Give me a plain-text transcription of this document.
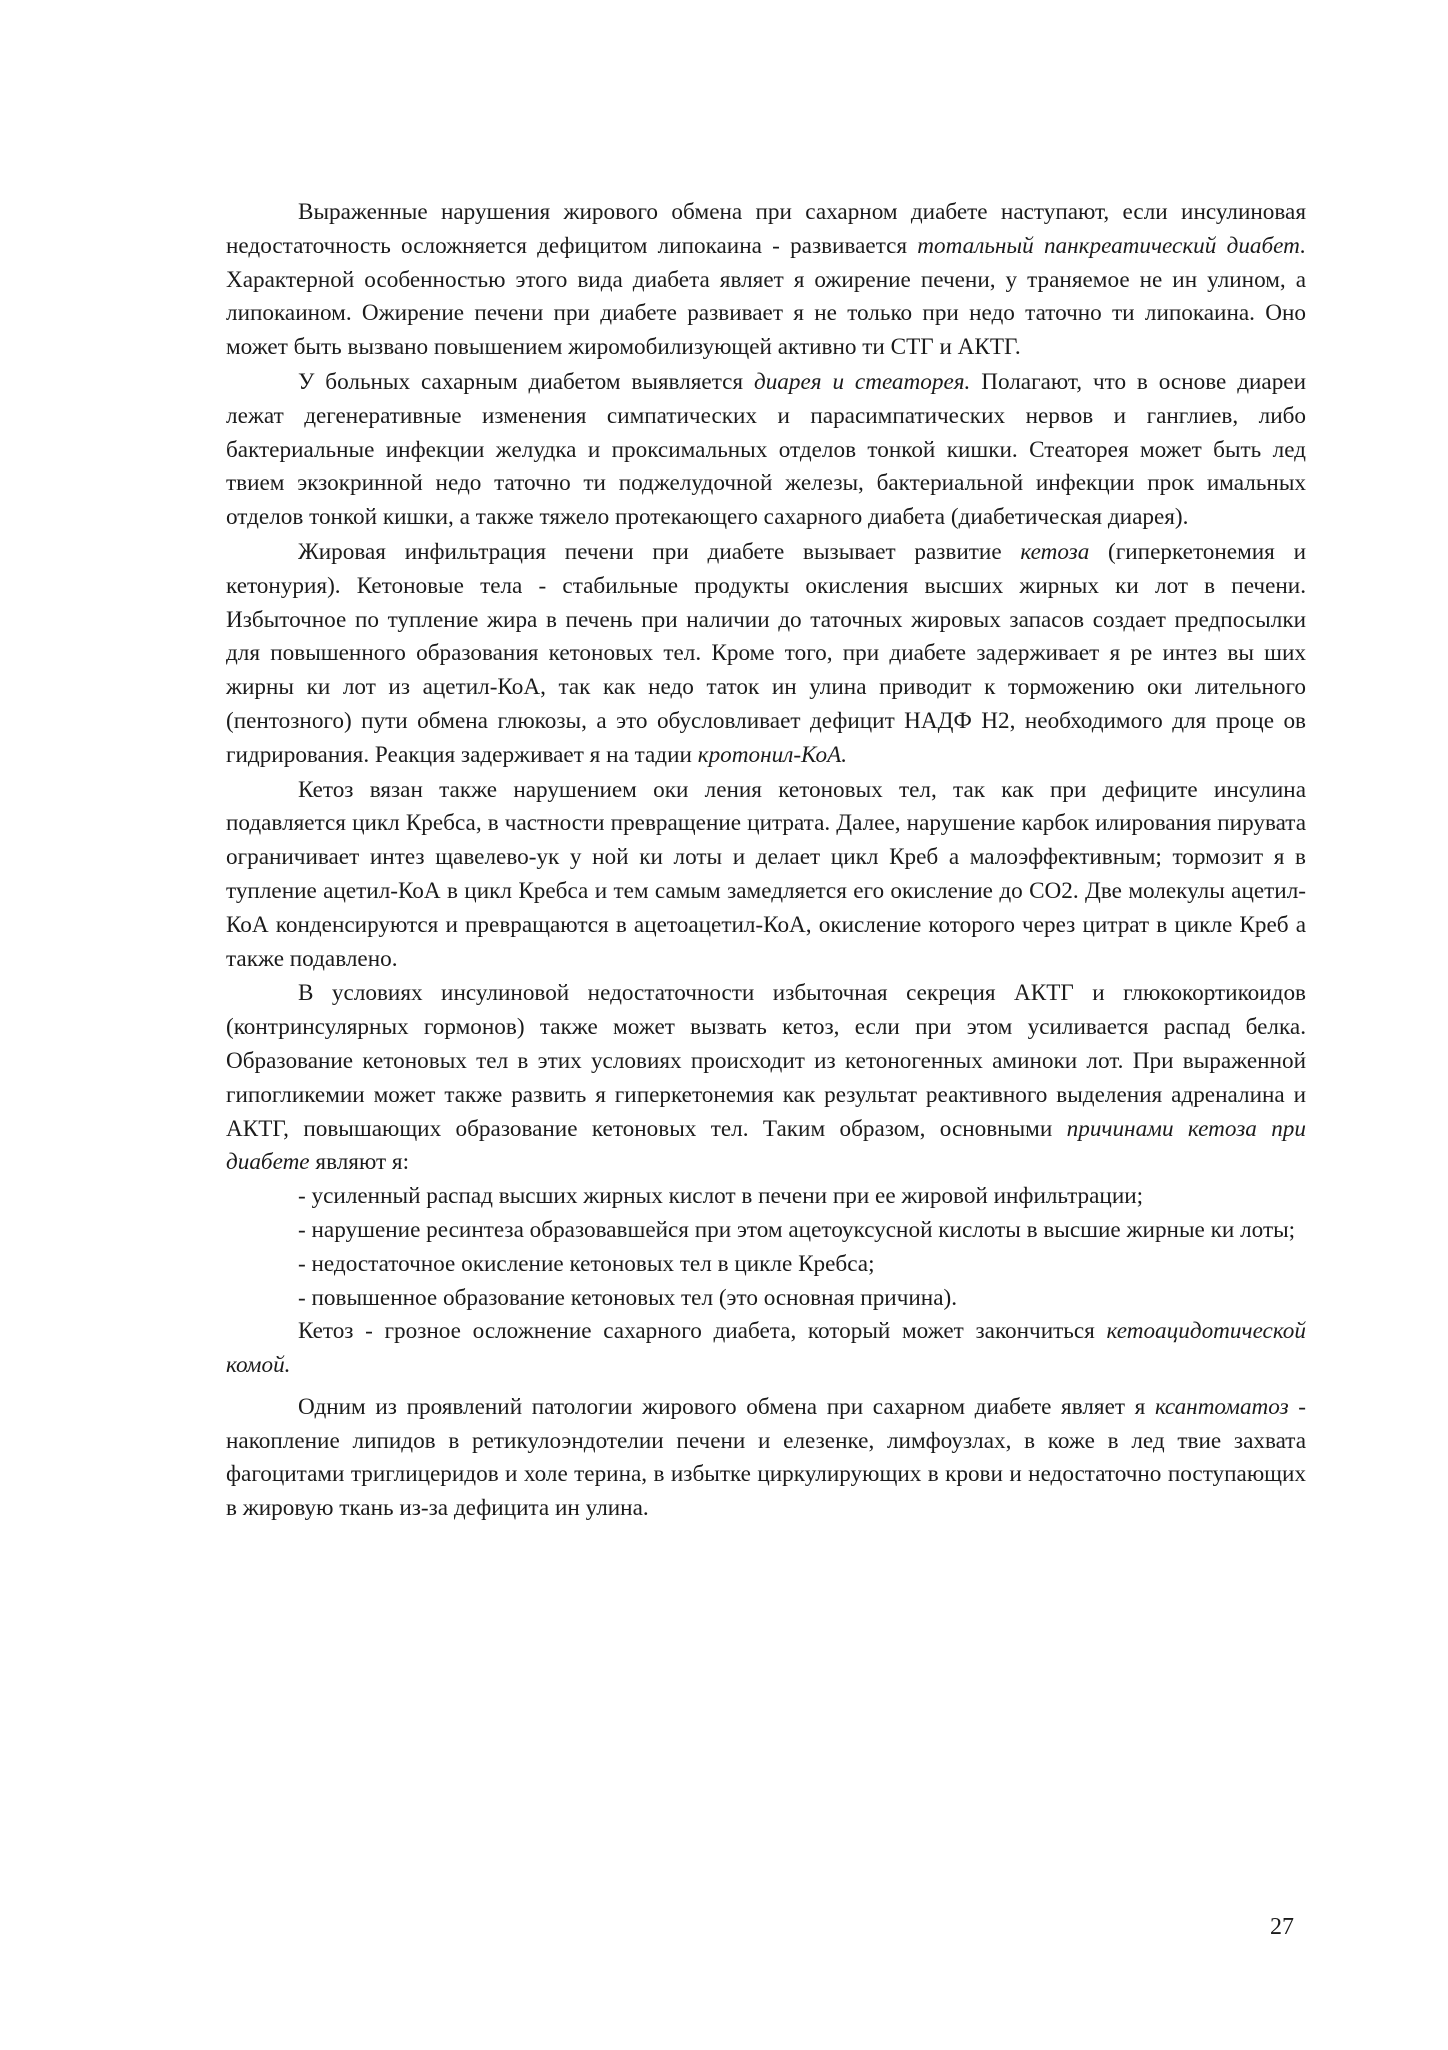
Выраженные нарушения жирового обмена при сахарном диабете наступают, если инсулиновая недостаточность осложняется дефицитом липокаина - развивается тотальный панкреатический диабет. Характерной особенностью этого вида диабета являет я ожирение печени, у траняемое не ин улином, а липокаином. Ожирение печени при диабете развивает я не только при недо таточно ти липокаина. Оно может быть вызвано повышением жиромобилизующей активно ти СТГ и АКТГ.

У больных сахарным диабетом выявляется диарея и стеаторея. Полагают, что в основе диареи лежат дегенеративные изменения симпатических и парасимпатических нервов и ганглиев, либо бактериальные инфекции желудка и проксимальных отделов тонкой кишки. Стеаторея может быть лед твием экзокринной недо таточно ти поджелудочной железы, бактериальной инфекции прок имальных отделов тонкой кишки, а также тяжело протекающего сахарного диабета (диабетическая диарея).

Жировая инфильтрация печени при диабете вызывает развитие кетоза (гиперкетонемия и кетонурия). Кетоновые тела - стабильные продукты окисления высших жирных ки лот в печени. Избыточное по тупление жира в печень при наличии до таточных жировых запасов создает предпосылки для повышенного образования кетоновых тел. Кроме того, при диабете задерживает я ре интез вы ших жирны ки лот из ацетил-КоА, так как недо таток ин улина приводит к торможению оки лительного (пентозного) пути обмена глюкозы, а это обусловливает дефицит НАДФ Н2, необходимого для проце ов гидрирования. Реакция задерживает я на тадии кротонил-КоА.

Кетоз вязан также нарушением оки ления кетоновых тел, так как при дефиците инсулина подавляется цикл Кребса, в частности превращение цитрата. Далее, нарушение карбок илирования пирувата ограничивает интез щавелево-ук у ной ки лоты и делает цикл Креб а малоэффективным; тормозит я в тупление ацетил-КоА в цикл Кребса и тем самым замедляется его окисление до СО2. Две молекулы ацетил-КоА конденсируются и превращаются в ацетоацетил-КоА, окисление которого через цитрат в цикле Креб а также подавлено.

В условиях инсулиновой недостаточности избыточная секреция АКТГ и глюкокортикоидов (контринсулярных гормонов) также может вызвать кетоз, если при этом усиливается распад белка. Образование кетоновых тел в этих условиях происходит из кетоногенных аминоки лот. При выраженной гипогликемии может также развить я гиперкетонемия как результат реактивного выделения адреналина и АКТГ, повышающих образование кетоновых тел. Таким образом, основными причинами кетоза при диабете являют я:

- усиленный распад высших жирных кислот в печени при ее жировой инфильтрации;

- нарушение ресинтеза образовавшейся при этом ацетоуксусной кислоты в высшие жирные ки лоты;

- недостаточное окисление кетоновых тел в цикле Кребса;

- повышенное образование кетоновых тел (это основная причина).

Кетоз - грозное осложнение сахарного диабета, который может закончиться кетоацидотической комой.

Одним из проявлений патологии жирового обмена при сахарном диабете являет я ксантоматоз - накопление липидов в ретикулоэндотелии печени и елезенке, лимфоузлах, в коже в лед твие захвата фагоцитами триглицеридов и холе терина, в избытке циркулирующих в крови и недостаточно поступающих в жировую ткань из-за дефицита ин улина.

27
